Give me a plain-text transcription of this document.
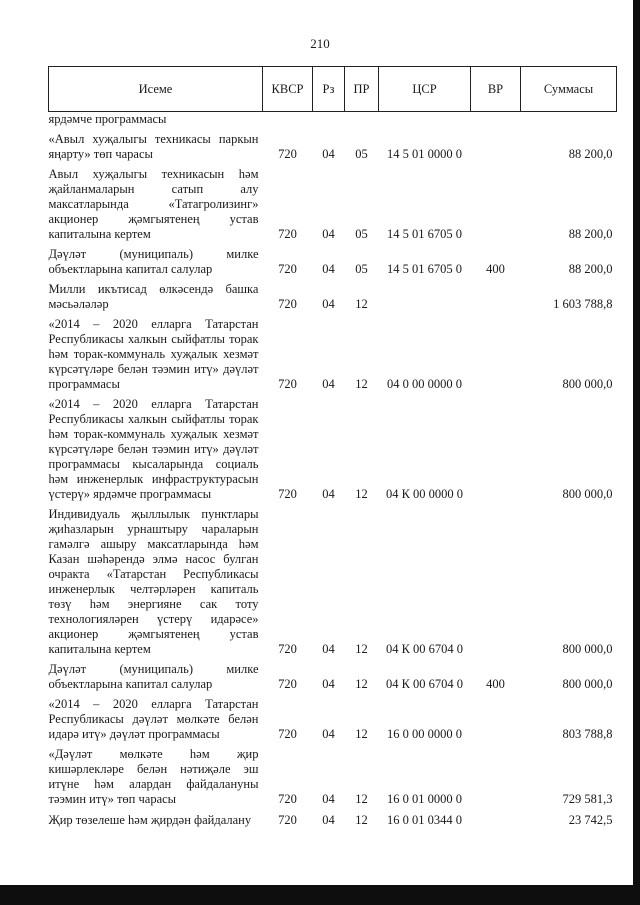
210
Исеме	КВСР	Рз	ПР	ЦСР	ВР	Суммасы
ярдәмче программасы						
«Авыл хуҗалыгы техникасы паркын яңарту» төп чарасы	720	04	05	14 5 01 0000 0		88 200,0
Авыл хуҗалыгы техникасын һәм җайланмаларын сатып алу максатларында «Татагролизинг» акционер җәмгыятенең устав капиталына кертем	720	04	05	14 5 01 6705 0		88 200,0
Дәүләт (муниципаль) милке объектларына капитал салулар	720	04	05	14 5 01 6705 0	400	88 200,0
Милли икътисад өлкәсендә башка мәсьәләләр	720	04	12			1 603 788,8
«2014 – 2020 елларга Татарстан Республикасы халкын сыйфатлы торак һәм торак-коммуналь хуҗалык хезмәт күрсәтүләре белән тәэмин итү» дәүләт программасы	720	04	12	04 0 00 0000 0		800 000,0
«2014 – 2020 елларга Татарстан Республикасы халкын сыйфатлы торак һәм торак-коммуналь хуҗалык хезмәт күрсәтүләре белән тәэмин итү» дәүләт программасы кысаларында социаль һәм инженерлык инфраструктурасын үстерү» ярдәмче программасы	720	04	12	04 К 00 0000 0		800 000,0
Индивидуаль җыллылык пунктлары җиһазларын урнаштыру чараларын гамәлгә ашыру максатларында һәм Казан шәһәрендә элмә насос булган очракта «Татарстан Республикасы инженерлык челтәрләрен капиталь төзү һәм энергияне сак тоту технологияләрен үстерү идарәсе» акционер җәмгыятенең устав капиталына кертем	720	04	12	04 К 00 6704 0		800 000,0
Дәүләт (муниципаль) милке объектларына капитал салулар	720	04	12	04 К 00 6704 0	400	800 000,0
«2014 – 2020 елларга Татарстан Республикасы дәүләт мөлкәте белән идарә итү» дәүләт программасы	720	04	12	16 0 00 0000 0		803 788,8
«Дәүләт мөлкәте һәм җир кишәрлекләре белән нәтиҗәле эш итүне һәм алардан файдалануны тәэмин итү» төп чарасы	720	04	12	16 0 01 0000 0		729 581,3
Җир төзелеше һәм җирдән файдалану	720	04	12	16 0 01 0344 0		23 742,5
